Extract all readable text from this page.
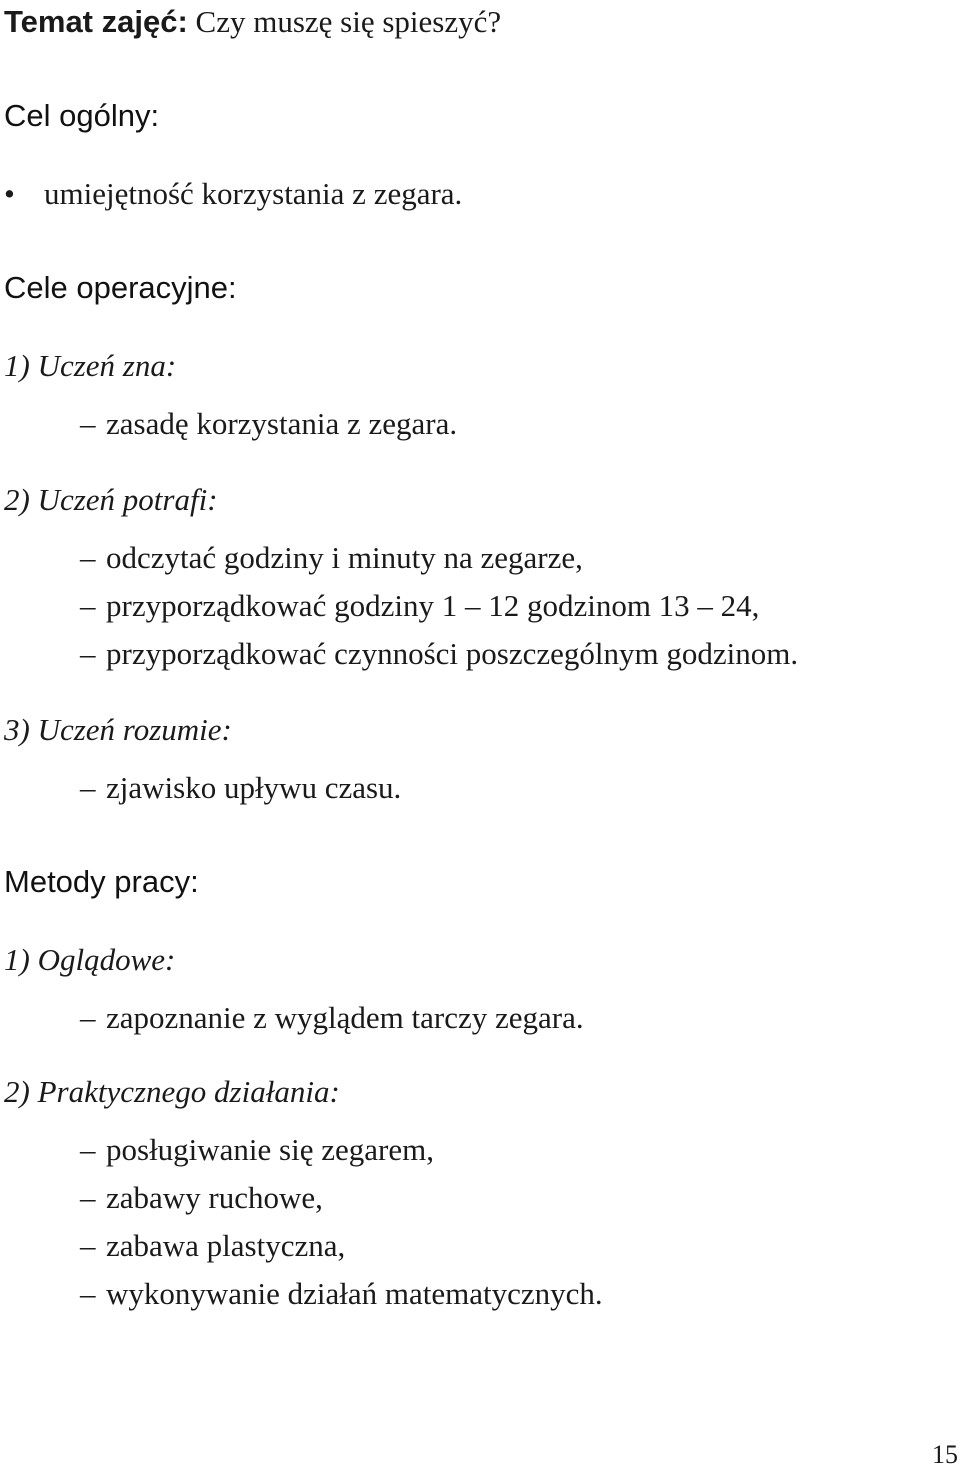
Temat zajęć: Czy muszę się spieszyć?
Cel ogólny:
• umiejętność korzystania z zegara.
Cele operacyjne:
1) Uczeń zna:
– zasadę korzystania z zegara.
2) Uczeń potrafi:
– odczytać godziny i minuty na zegarze,
– przyporządkować godziny 1 – 12 godzinom 13 – 24,
– przyporządkować czynności poszczególnym godzinom.
3) Uczeń rozumie:
– zjawisko upływu czasu.
Metody pracy:
1) Oglądowe:
– zapoznanie z wyglądem tarczy zegara.
2) Praktycznego działania:
– posługiwanie się zegarem,
– zabawy ruchowe,
– zabawa plastyczna,
– wykonywanie działań matematycznych.
15
